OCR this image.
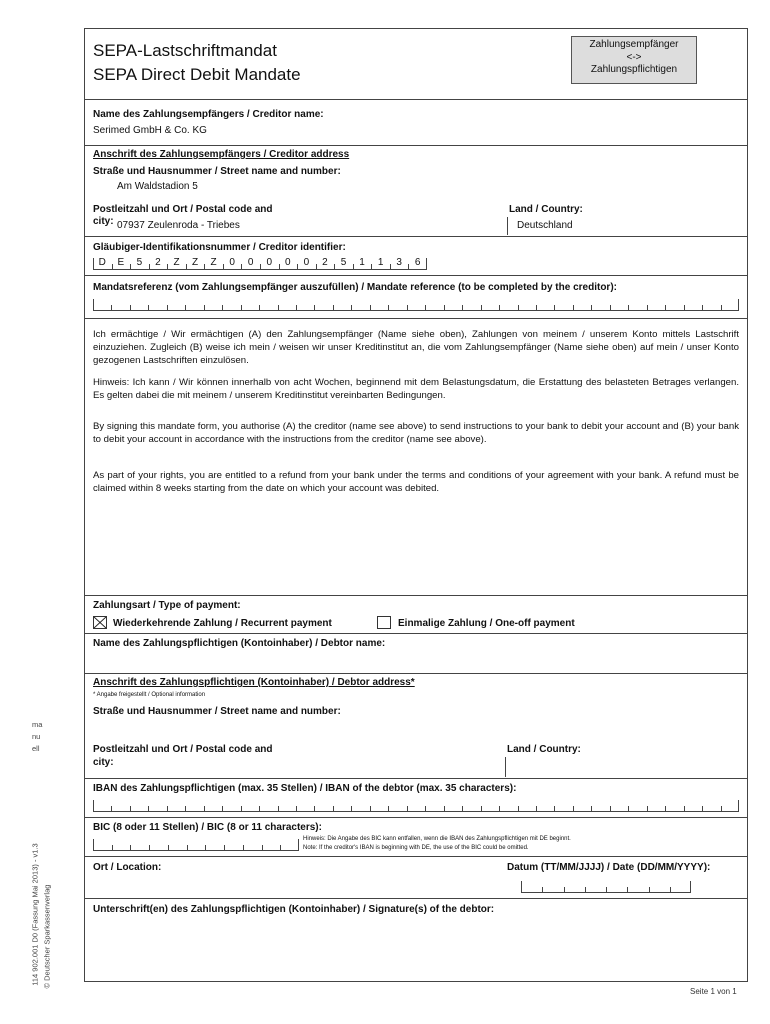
ma
nu
ell
114 902.001 D0 (Fassung Mai 2013) - v1.3 © Deutscher Sparkassenverlag
SEPA-Lastschriftmandat
SEPA Direct Debit Mandate
Zahlungsempfänger
<->
Zahlungspflichtigen
Name des Zahlungsempfängers / Creditor name:
Serimed GmbH & Co. KG
Anschrift des Zahlungsempfängers / Creditor address
Straße und Hausnummer / Street name and number:
Am Waldstadion 5
Postleitzahl und Ort / Postal code and
city: 07937 Zeulenroda - Triebes
Land / Country:
Deutschland
Gläubiger-Identifikationsnummer / Creditor identifier:
D	E	5	2	Z	Z	Z	0	0	0	0	0	2	5	1	1	3	6
Mandatsreferenz (vom Zahlungsempfänger auszufüllen) / Mandate reference (to be completed by the creditor):
Ich ermächtige / Wir ermächtigen (A) den Zahlungsempfänger (Name siehe oben), Zahlungen von meinem / unserem Konto mittels Lastschrift einzuziehen. Zugleich (B) weise ich mein / weisen wir unser Kreditinstitut an, die vom Zahlungsempfänger (Name siehe oben) auf mein / unser Konto gezogenen Lastschriften einzulösen.
Hinweis: Ich kann / Wir können innerhalb von acht Wochen, beginnend mit dem Belastungsdatum, die Erstattung des belasteten Betrages verlangen. Es gelten dabei die mit meinem / unserem Kreditinstitut vereinbarten Bedingungen.
By signing this mandate form, you authorise (A) the creditor (name see above) to send instructions to your bank to debit your account and (B) your bank to debit your account in accordance with the instructions from the creditor (name see above).
As part of your rights, you are entitled to a refund from your bank under the terms and conditions of your agreement with your bank. A refund must be claimed within 8 weeks starting from the date on which your account was debited.
Zahlungsart / Type of payment:
Wiederkehrende Zahlung / Recurrent payment	Einmalige Zahlung / One-off payment
Name des Zahlungspflichtigen (Kontoinhaber) / Debtor name:
Anschrift des Zahlungspflichtigen (Kontoinhaber) / Debtor address*
* Angabe freigestellt / Optional information
Straße und Hausnummer / Street name and number:
Postleitzahl und Ort / Postal code and
city:
Land / Country:
IBAN des Zahlungspflichtigen (max. 35 Stellen) / IBAN of the debtor (max. 35 characters):
BIC (8 oder 11 Stellen) / BIC (8 or 11 characters):
Hinweis: Die Angabe des BIC kann entfallen, wenn die IBAN des Zahlungspflichtigen mit DE beginnt.
Note: If the creditor's IBAN is beginning with DE, the use of the BIC could be omitted.
Ort / Location:	Datum (TT/MM/JJJJ) / Date (DD/MM/YYYY):
Unterschrift(en) des Zahlungspflichtigen (Kontoinhaber) / Signature(s) of the debtor:
Seite 1 von 1
